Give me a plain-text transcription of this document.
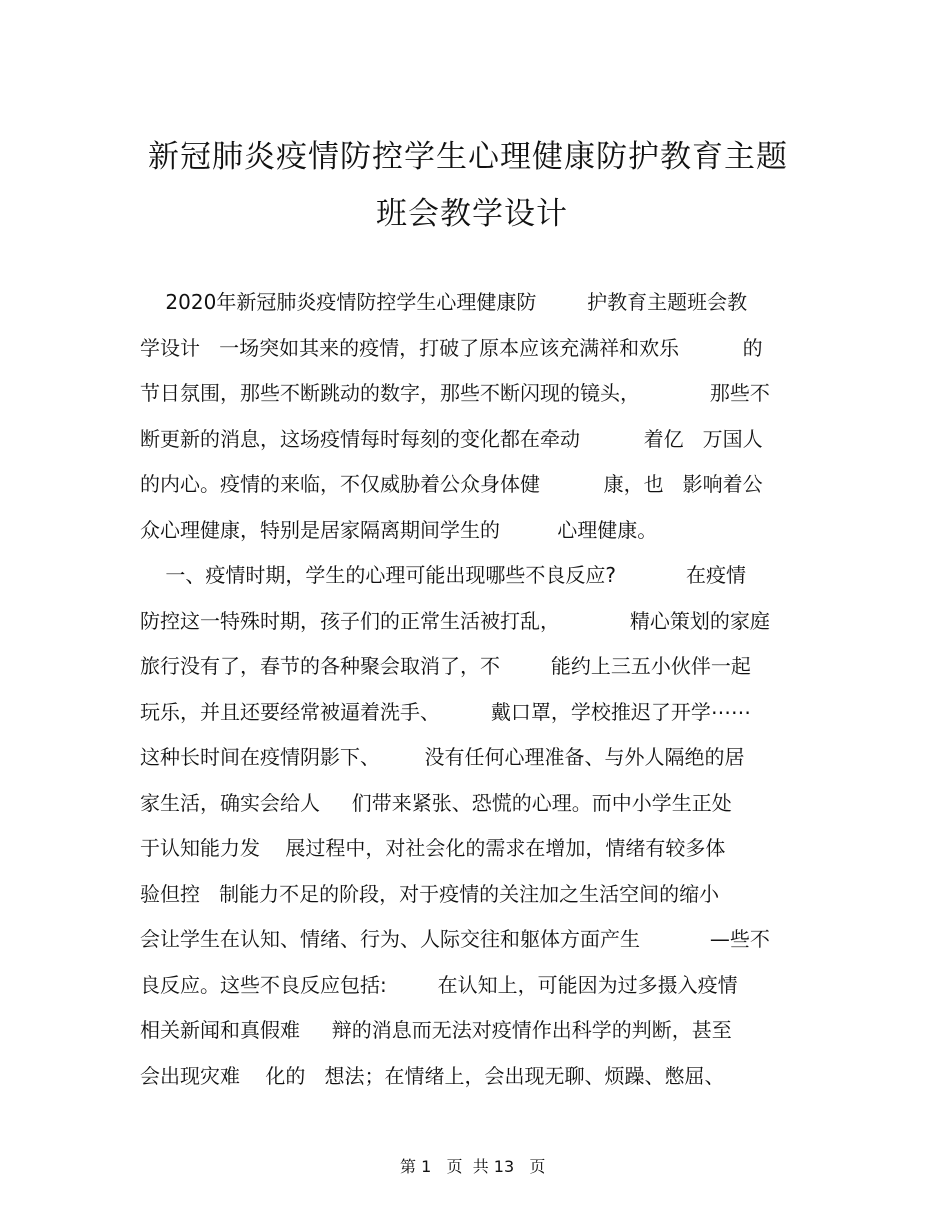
新冠肺炎疫情防控学生心理健康防护教育主题
班会教学设计
2020年新冠肺炎疫情防控学生心理健康防        护教育主题班会教
学设计   一场突如其来的疫情，打破了原本应该充满祥和欢乐          的
节日氛围，那些不断跳动的数字，那些不断闪现的镜头，           那些不
断更新的消息，这场疫情每时每刻的变化都在牵动          着亿   万国人
的内心。疫情的来临，不仅威胁着公众身体健          康，也   影响着公
众心理健康，特别是居家隔离期间学生的         心理健康。
一、疫情时期，学生的心理可能出现哪些不良反应?           在疫情
防控这一特殊时期，孩子们的正常生活被打乱，           精心策划的家庭
旅行没有了，春节的各种聚会取消了，不        能约上三五小伙伴一起
玩乐，并且还要经常被逼着洗手、        戴口罩，学校推迟了开学⋯⋯
这种长时间在疫情阴影下、       没有任何心理准备、与外人隔绝的居
家生活，确实会给人     们带来紧张、恐慌的心理。而中小学生正处
于认知能力发    展过程中，对社会化的需求在增加，情绪有较多体
验但控   制能力不足的阶段，对于疫情的关注加之生活空间的缩小
会让学生在认知、情绪、行为、人际交往和躯体方面产生           —些不
良反应。这些不良反应包括:        在认知上，可能因为过多摄入疫情
相关新闻和真假难     辩的消息而无法对疫情作出科学的判断，甚至
会出现灾难    化的   想法；在情绪上，会出现无聊、烦躁、憋屈、
第 1   页  共 13   页
